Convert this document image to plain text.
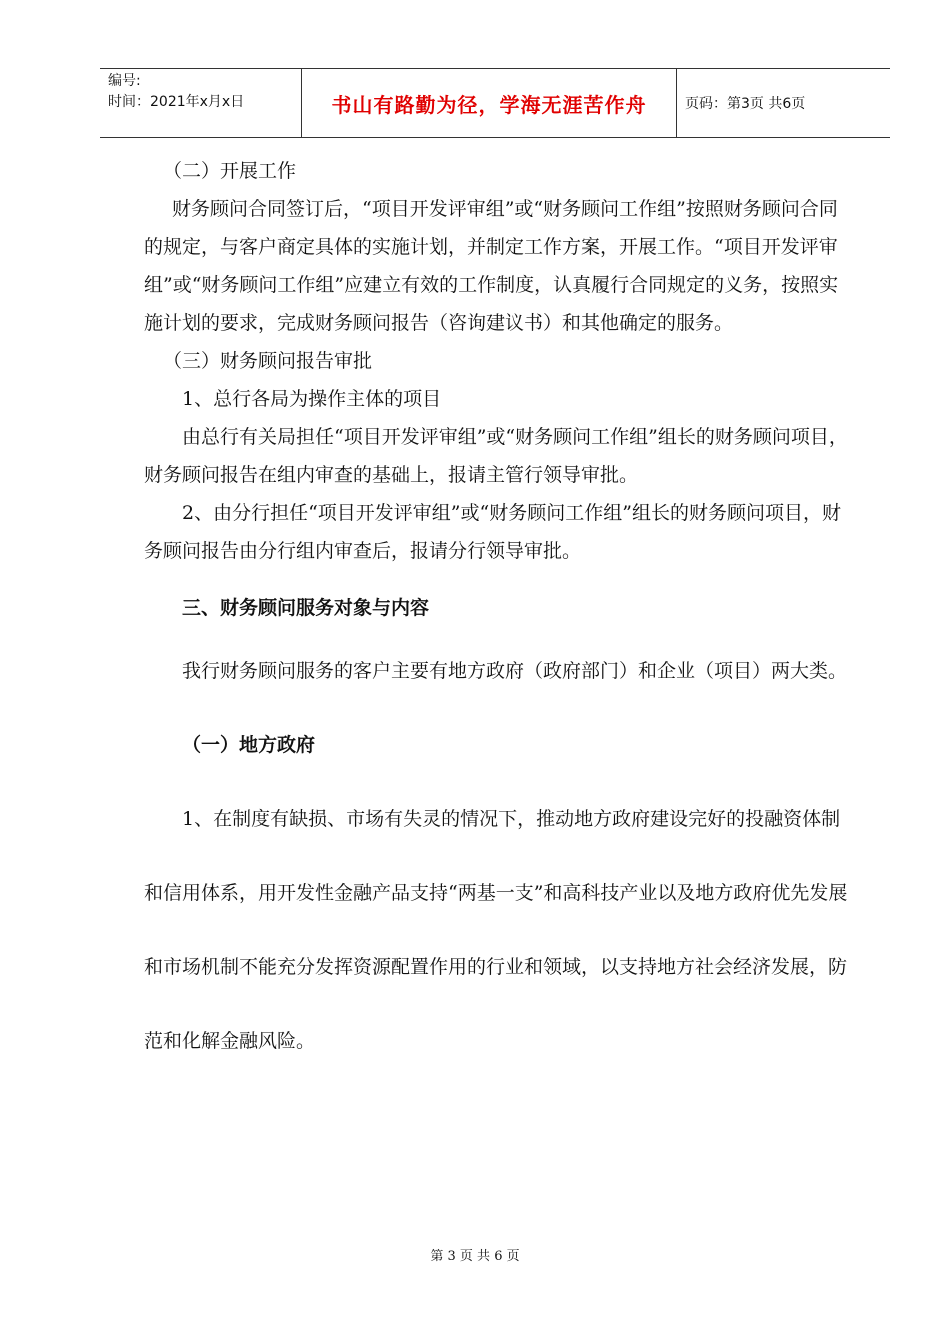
编号:
时间：2021年x月x日	书山有路勤为径，学海无涯苦作舟	页码：第3页 共6页

（二）开展工作

财务顾问合同签订后，“项目开发评审组”或“财务顾问工作组”按照财务顾问合同的规定，与客户商定具体的实施计划，并制定工作方案，开展工作。“项目开发评审组”或“财务顾问工作组”应建立有效的工作制度，认真履行合同规定的义务，按照实施计划的要求，完成财务顾问报告（咨询建议书）和其他确定的服务。

（三）财务顾问报告审批

1、总行各局为操作主体的项目

由总行有关局担任“项目开发评审组”或“财务顾问工作组”组长的财务顾问项目，财务顾问报告在组内审查的基础上，报请主管行领导审批。

2、由分行担任“项目开发评审组”或“财务顾问工作组”组长的财务顾问项目，财务顾问报告由分行组内审查后，报请分行领导审批。

三、财务顾问服务对象与内容

我行财务顾问服务的客户主要有地方政府（政府部门）和企业（项目）两大类。

（一）地方政府

1、在制度有缺损、市场有失灵的情况下，推动地方政府建设完好的投融资体制和信用体系，用开发性金融产品支持“两基一支”和高科技产业以及地方政府优先发展和市场机制不能充分发挥资源配置作用的行业和领域，以支持地方社会经济发展，防范和化解金融风险。

第 3 页 共 6 页
